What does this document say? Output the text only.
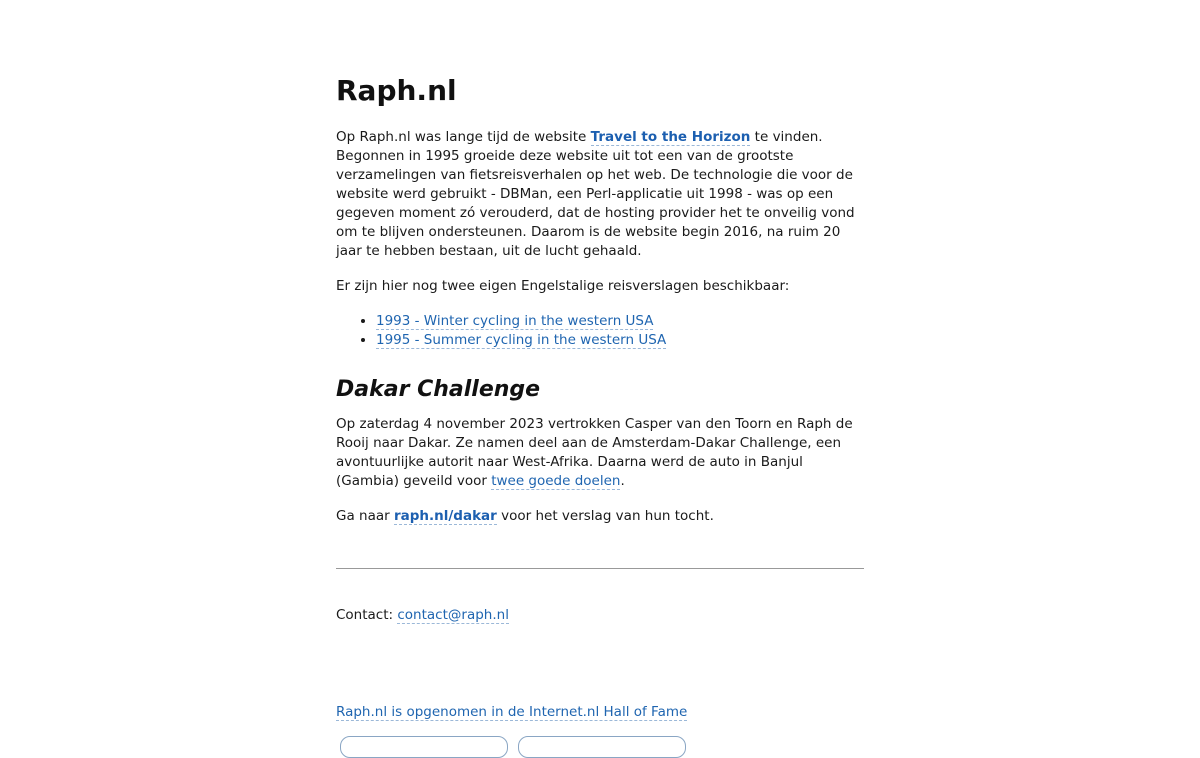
Raph.nl

Op Raph.nl was lange tijd de website Travel to the Horizon te vinden. Begonnen in 1995 groeide deze website uit tot een van de grootste verzamelingen van fietsreisverhalen op het web. De technologie die voor de website werd gebruikt - DBMan, een Perl-applicatie uit 1998 - was op een gegeven moment zó verouderd, dat de hosting provider het te onveilig vond om te blijven ondersteunen. Daarom is de website begin 2016, na ruim 20 jaar te hebben bestaan, uit de lucht gehaald.

Er zijn hier nog twee eigen Engelstalige reisverslagen beschikbaar:

• 1993 - Winter cycling in the western USA
• 1995 - Summer cycling in the western USA
Dakar Challenge

Op zaterdag 4 november 2023 vertrokken Casper van den Toorn en Raph de Rooij naar Dakar. Ze namen deel aan de Amsterdam-Dakar Challenge, een avontuurlijke autorit naar West-Afrika. Daarna werd de auto in Banjul (Gambia) geveild voor twee goede doelen.

Ga naar raph.nl/dakar voor het verslag van hun tocht.

Contact: contact@raph.nl

Raph.nl is opgenomen in de Internet.nl Hall of Fame
